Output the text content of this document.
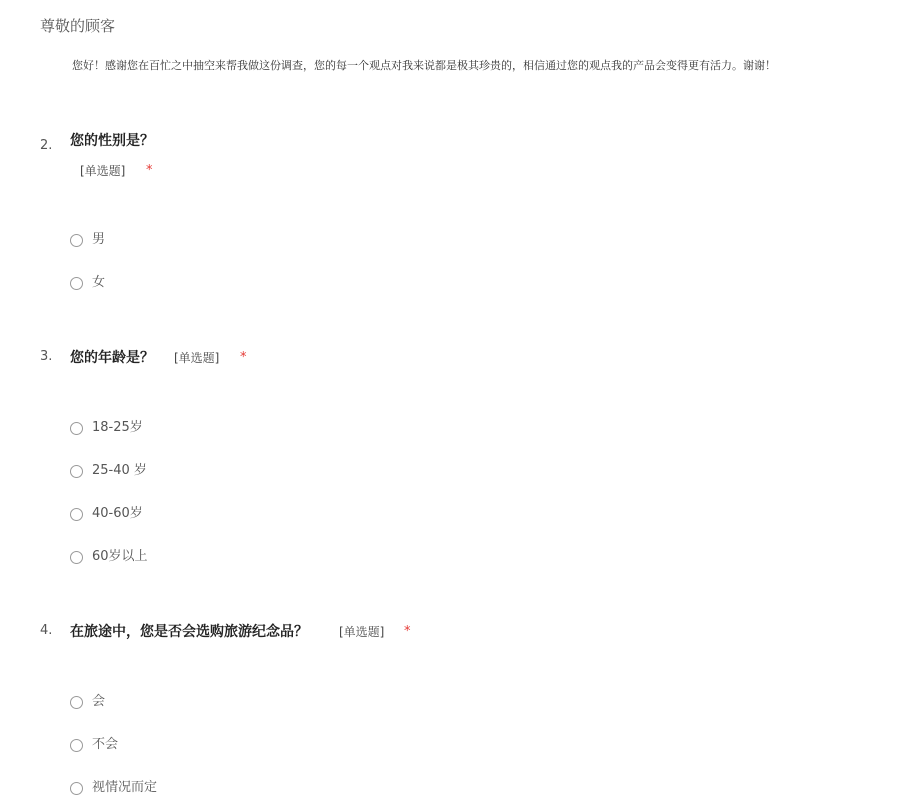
尊敬的顾客
您好！感谢您在百忙之中抽空来帮我做这份调查，您的每一个观点对我来说都是极其珍贵的，相信通过您的观点我的产品会变得更有活力。谢谢！
2. 您的性别是？
[单选题] *
男
女
3. 您的年龄是？ [单选题] *
18-25岁
25-40 岁
40-60岁
60岁以上
4. 在旅途中，您是否会选购旅游纪念品？	[单选题] *
会
不会
视情况而定
